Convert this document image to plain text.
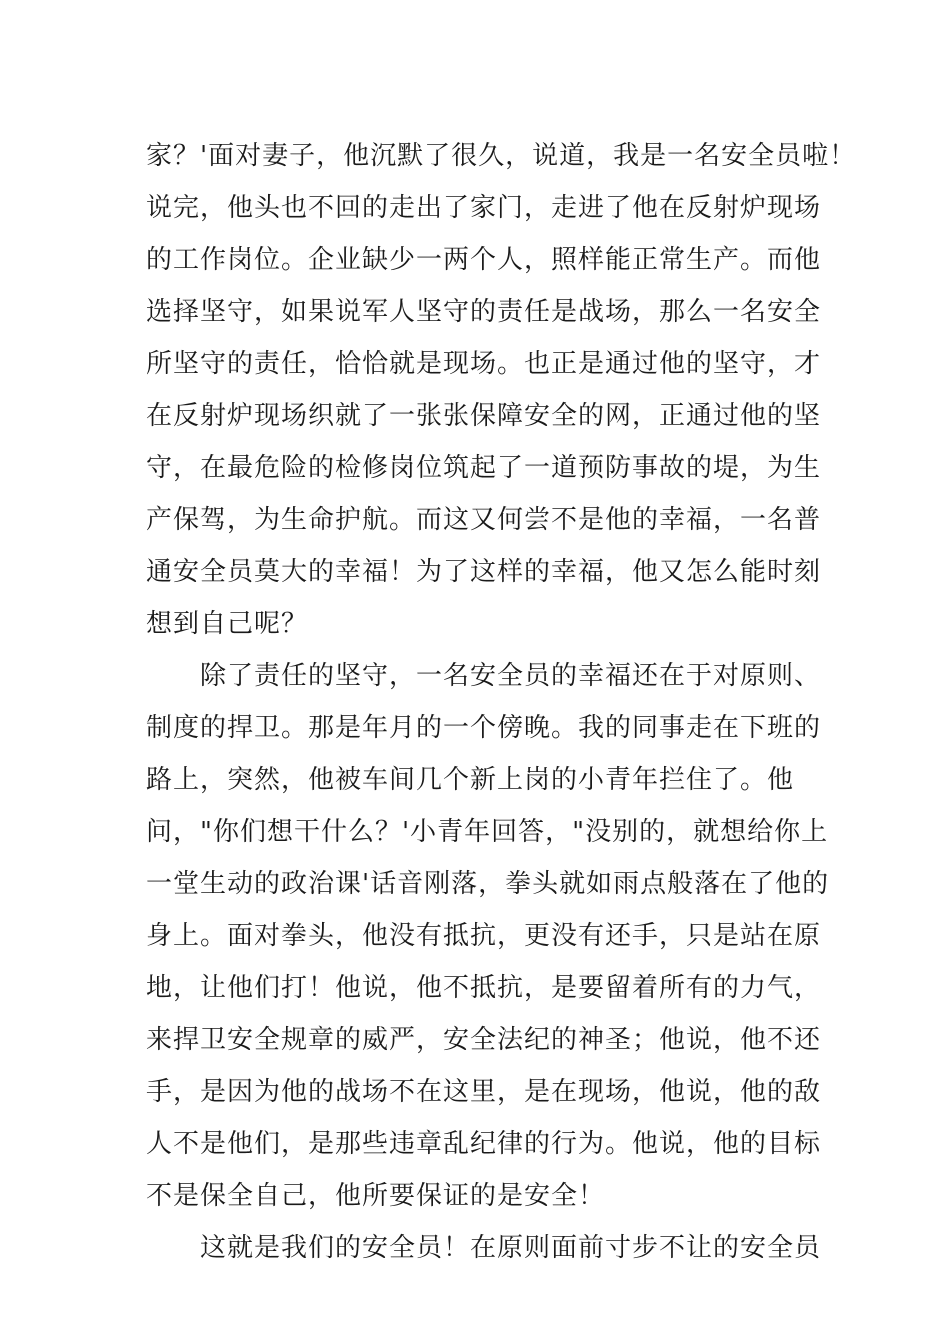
家？'面对妻子，他沉默了很久，说道，我是一名安全员啦！
说完，他头也不回的走出了家门，走进了他在反射炉现场
的工作岗位。企业缺少一两个人，照样能正常生产。而他
选择坚守，如果说军人坚守的责任是战场，那么一名安全
所坚守的责任，恰恰就是现场。也正是通过他的坚守，才
在反射炉现场织就了一张张保障安全的网，正通过他的坚
守，在最危险的检修岗位筑起了一道预防事故的堤，为生
产保驾，为生命护航。而这又何尝不是他的幸福，一名普
通安全员莫大的幸福！为了这样的幸福，他又怎么能时刻
想到自己呢？
除了责任的坚守，一名安全员的幸福还在于对原则、
制度的捍卫。那是年月的一个傍晚。我的同事走在下班的
路上，突然，他被车间几个新上岗的小青年拦住了。他
问，"你们想干什么？'小青年回答，"没别的，就想给你上
一堂生动的政治课'话音刚落，拳头就如雨点般落在了他的
身上。面对拳头，他没有抵抗，更没有还手，只是站在原
地，让他们打！他说，他不抵抗，是要留着所有的力气，
来捍卫安全规章的威严，安全法纪的神圣；他说，他不还
手，是因为他的战场不在这里，是在现场，他说，他的敌
人不是他们，是那些违章乱纪律的行为。他说，他的目标
不是保全自己，他所要保证的是安全！
这就是我们的安全员！在原则面前寸步不让的安全员
